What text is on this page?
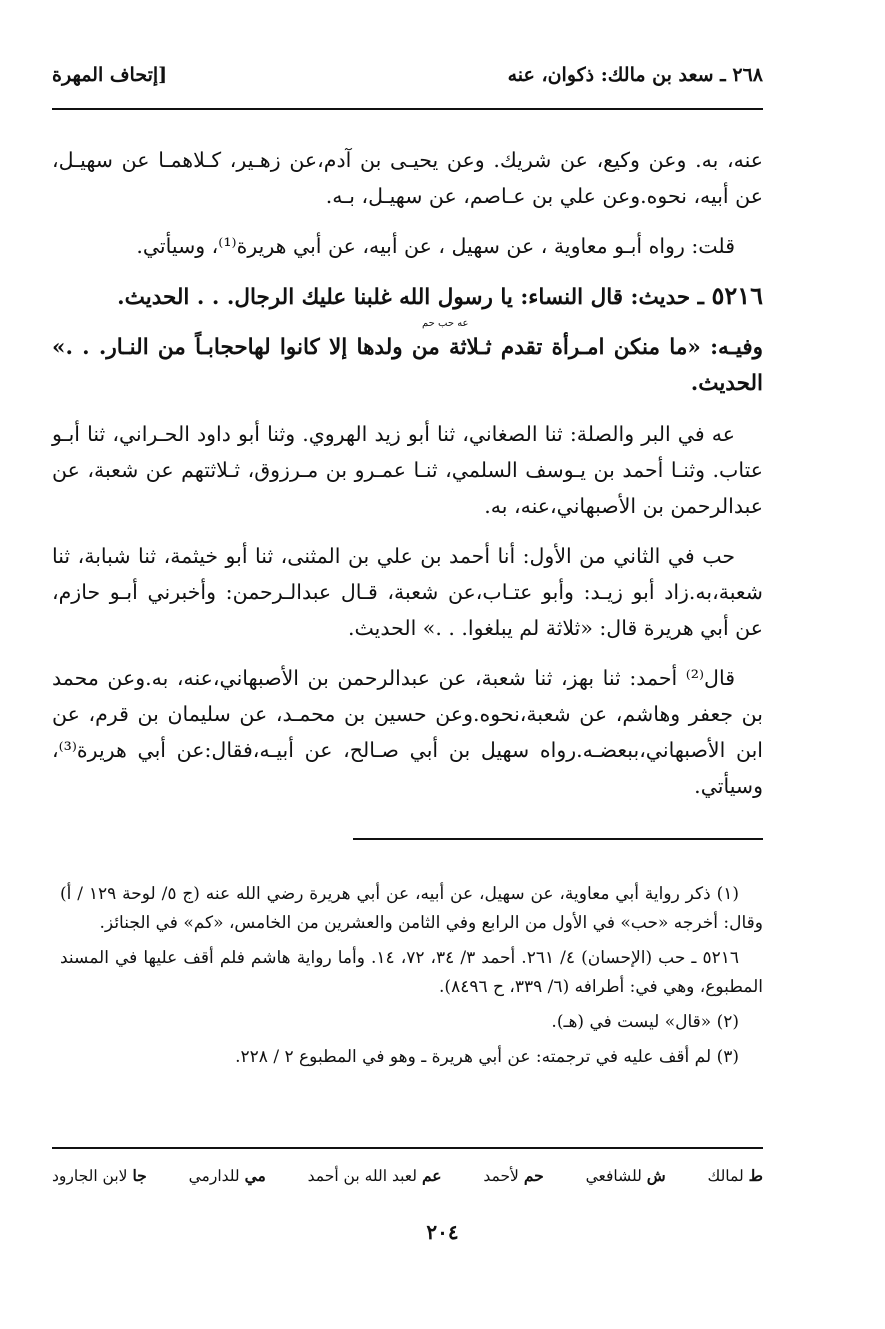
٢٦٨ ـ سعد بن مالك: ذكوان، عنه
[إتحاف المهرة

عنه، به. وعن وكيع، عن شريك. وعن يحيـى بن آدم،عن زهـير، كـلاهمـا عن سهيـل، عن أبيه، نحوه.وعن علي بن عـاصم، عن سهيـل، بـه.

قلت: رواه أبـو معاوية ، عن سهيل ، عن أبيه، عن أبي هريرة⁽¹⁾، وسيأتي.

٥٢١٦ ـ حديث: قال النساء: يا رسول الله غلبنا عليك الرجال. . . الحديث.

عه حب حم
وفيـه: «ما منكن امـرأة تقدم ثـلاثة من ولدها إلا كانوا لهاحجابـاً من النـار. . .» الحديث.

عه في البر والصلة: ثنا الصغاني، ثنا أبو زيد الهروي. وثنا أبو داود الحـراني، ثنا أبـو عتاب. وثنـا أحمد بن يـوسف السلمي، ثنـا عمـرو بن مـرزوق، ثـلاثتهم عن شعبة، عن عبدالرحمن بن الأصبهاني،عنه، به.

حب في الثاني من الأول: أنا أحمد بن علي بن المثنى، ثنا أبو خيثمة، ثنا شبابة، ثنا شعبة،به.زاد أبو زيـد: وأبو عتـاب،عن شعبة، قـال عبدالـرحمن: وأخبرني أبـو حازم، عن أبي هريرة قال: «ثلاثة لم يبلغوا. . .» الحديث.

قال⁽²⁾ أحمد: ثنا بهز، ثنا شعبة، عن عبدالرحمن بن الأصبهاني،عنه، به.وعن محمد بن جعفر وهاشم، عن شعبة،نحوه.وعن حسين بن محمـد، عن سليمان بن قرم، عن ابن الأصبهاني،ببعضـه.رواه سهيل بن أبي صـالح، عن أبيـه،فقال:عن أبي هريرة⁽³⁾، وسيأتي.

(١) ذكر رواية أبي معاوية، عن سهيل، عن أبيه، عن أبي هريرة رضي الله عنه (ج ٥/ لوحة ١٢٩ / أ) وقال: أخرجه «حب» في الأول من الرابع وفي الثامن والعشرين من الخامس، «كم» في الجنائز.

٥٢١٦ ـ حب (الإحسان) ٤/ ٢٦١. أحمد ٣/ ٣٤، ٧٢، ١٤. وأما رواية هاشم فلم أقف عليها في المسند المطبوع، وهي في: أطرافه (٦/ ٣٣٩، ح ٨٤٩٦).

(٢) «قال» ليست في (هـ).

(٣) لم أقف عليه في ترجمته: عن أبي هريرة ـ وهو في المطبوع ٢ / ٢٢٨.

ط لمالك
ش للشافعي
حم لأحمد
عم لعبد الله بن أحمد
مي للدارمي
جا لابن الجارود
٢٠٤
